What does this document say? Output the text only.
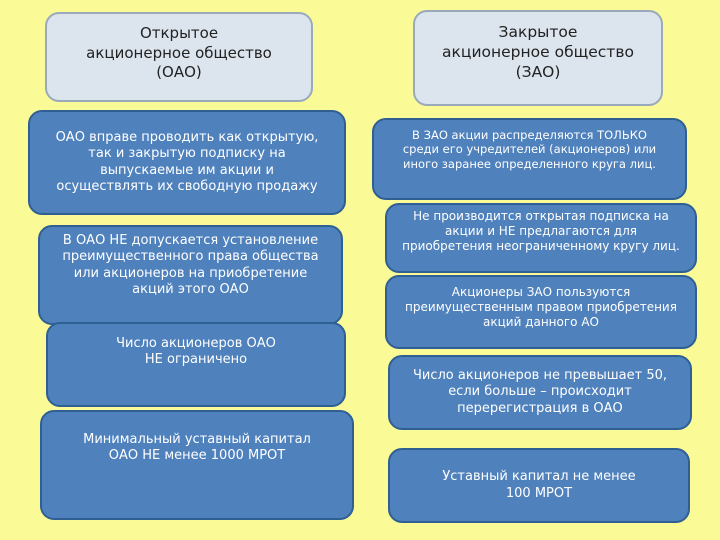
Открытое
акционерное общество
(ОАО)
ОАО вправе проводить как открытую,
так и закрытую подписку на
выпускаемые им акции и
осуществлять их свободную продажу
В ОАО НЕ допускается установление
преимущественного права общества
или акционеров на приобретение
акций этого ОАО
Число акционеров ОАО
НЕ ограничено
Минимальный уставный капитал
ОАО НЕ менее 1000 МРОТ
Закрытое
акционерное общество
(ЗАО)
В ЗАО акции распределяются ТОЛЬКО
среди его учредителей (акционеров) или
иного заранее определенного круга лиц.
Не производится открытая подписка на
акции и НЕ предлагаются для
приобретения неограниченному кругу лиц.
Акционеры ЗАО пользуются
преимущественным правом приобретения
акций данного АО
Число акционеров не превышает 50,
если больше – происходит
перерегистрация в ОАО
Уставный капитал не менее
100 МРОТ
